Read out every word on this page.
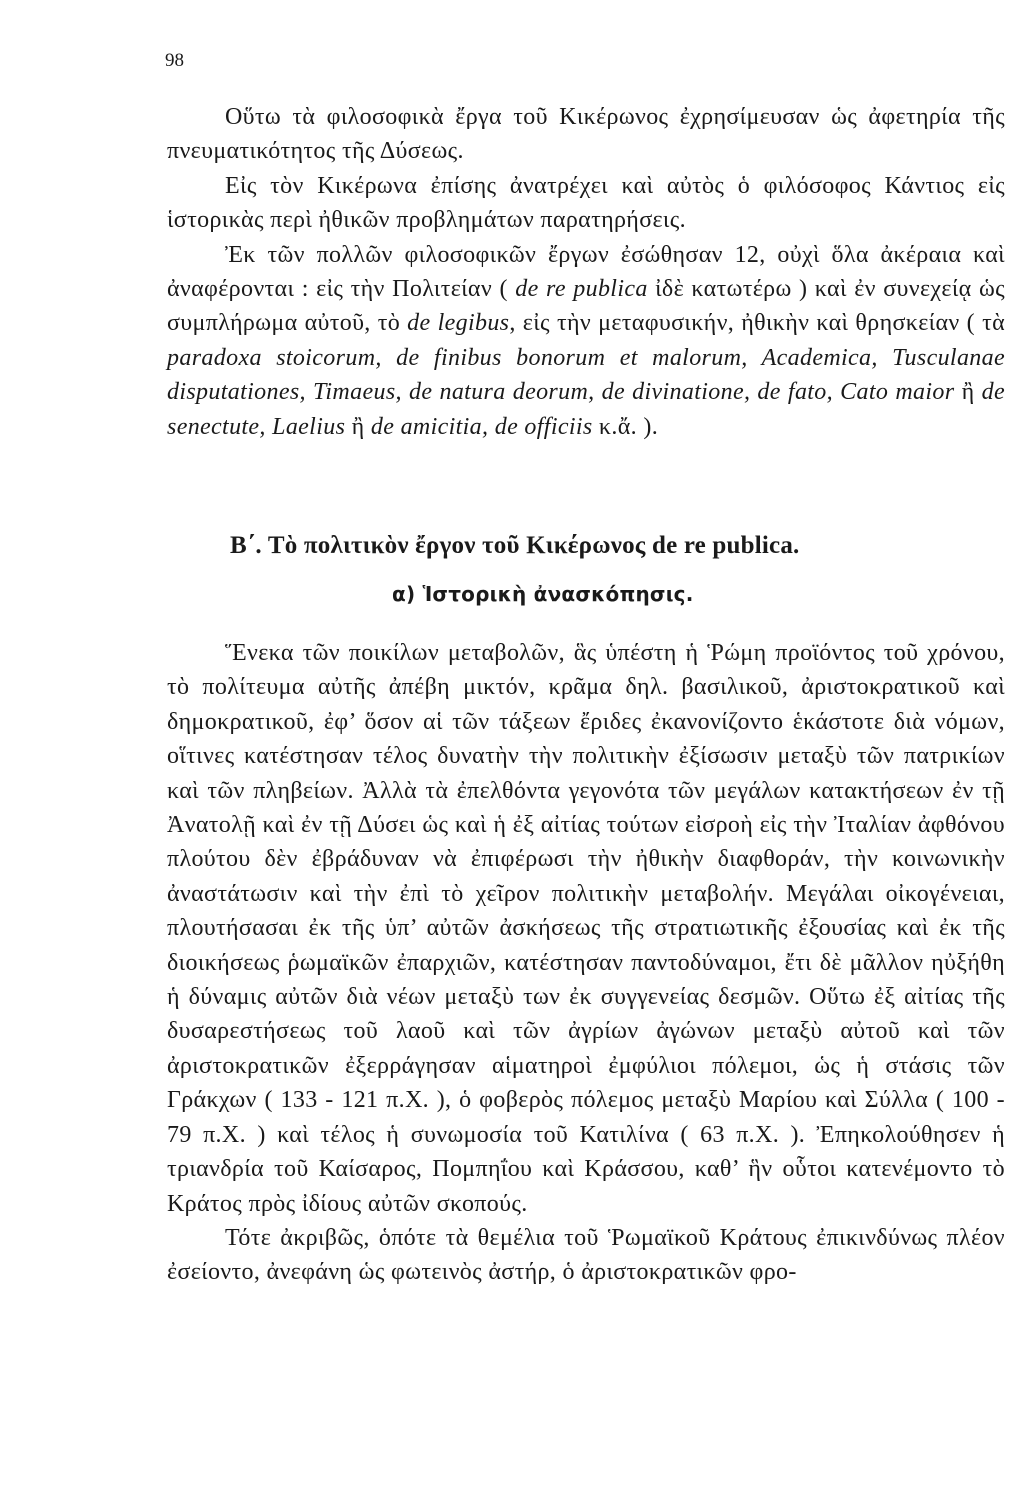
98

Οὕτω τὰ φιλοσοφικὰ ἔργα τοῦ Κικέρωνος ἐχρησίμευσαν ὡς ἀφετηρία τῆς πνευματικότητος τῆς Δύσεως.

Εἰς τὸν Κικέρωνα ἐπίσης ἀνατρέχει καὶ αὐτὸς ὁ φιλόσοφος Κάντιος εἰς ἱστορικὰς περὶ ἠθικῶν προβλημάτων παρατηρήσεις.

Ἐκ τῶν πολλῶν φιλοσοφικῶν ἔργων ἐσώθησαν 12, οὐχὶ ὅλα ἀκέραια καὶ ἀναφέρονται : εἰς τὴν Πολιτείαν ( de re publica ἰδὲ κατωτέρω ) καὶ ἐν συνεχείᾳ ὡς συμπλήρωμα αὐτοῦ, τὸ de legibus, εἰς τὴν μεταφυσικήν, ἠθικὴν καὶ θρησκείαν ( τὰ paradoxa stoicorum, de finibus bonorum et malorum, Academica, Tusculanae disputationes, Timaeus, de natura deorum, de divinatione, de fato, Cato maior ἢ de senectute, Laelius ἢ de amicitia, de officiis κ.ἄ. ).

Β΄. Τὸ πολιτικὸν ἔργον τοῦ Κικέρωνος de re publica.
α) Ἱστορικὴ ἀνασκόπησις.

Ἕνεκα τῶν ποικίλων μεταβολῶν, ἃς ὑπέστη ἡ Ῥώμη προϊόντος τοῦ χρόνου, τὸ πολίτευμα αὐτῆς ἀπέβη μικτόν, κρᾶμα δηλ. βασιλικοῦ, ἀριστοκρατικοῦ καὶ δημοκρατικοῦ, ἐφ’ ὅσον αἱ τῶν τάξεων ἔριδες ἐκανονίζοντο ἑκάστοτε διὰ νόμων, οἵτινες κατέστησαν τέλος δυνατὴν τὴν πολιτικὴν ἐξίσωσιν μεταξὺ τῶν πατρικίων καὶ τῶν πληβείων. Ἀλλὰ τὰ ἐπελθόντα γεγονότα τῶν μεγάλων κατακτήσεων ἐν τῇ Ἀνατολῇ καὶ ἐν τῇ Δύσει ὡς καὶ ἡ ἐξ αἰτίας τούτων εἰσροὴ εἰς τὴν Ἰταλίαν ἀφθόνου πλούτου δὲν ἐβράδυναν νὰ ἐπιφέρωσι τὴν ἠθικὴν διαφθοράν, τὴν κοινωνικὴν ἀναστάτωσιν καὶ τὴν ἐπὶ τὸ χεῖρον πολιτικὴν μεταβολήν. Μεγάλαι οἰκογένειαι, πλουτήσασαι ἐκ τῆς ὑπ’ αὐτῶν ἀσκήσεως τῆς στρατιωτικῆς ἐξουσίας καὶ ἐκ τῆς διοικήσεως ῥωμαϊκῶν ἐπαρχιῶν, κατέστησαν παντοδύναμοι, ἔτι δὲ μᾶλλον ηὐξήθη ἡ δύναμις αὐτῶν διὰ νέων μεταξὺ των ἐκ συγγενείας δεσμῶν. Οὕτω ἐξ αἰτίας τῆς δυσαρεστήσεως τοῦ λαοῦ καὶ τῶν ἀγρίων ἀγώνων μεταξὺ αὐτοῦ καὶ τῶν ἀριστοκρατικῶν ἐξερράγησαν αἱματηροὶ ἐμφύλιοι πόλεμοι, ὡς ἡ στάσις τῶν Γράκχων ( 133 - 121 π.Χ. ), ὁ φοβερὸς πόλεμος μεταξὺ Μαρίου καὶ Σύλλα ( 100 - 79 π.Χ. ) καὶ τέλος ἡ συνωμοσία τοῦ Κατιλίνα ( 63 π.Χ. ). Ἐπηκολούθησεν ἡ τριανδρία τοῦ Καίσαρος, Πομπηΐου καὶ Κράσσου, καθ’ ἣν οὗτοι κατενέμοντο τὸ Κράτος πρὸς ἰδίους αὐτῶν σκοπούς.

Τότε ἀκριβῶς, ὁπότε τὰ θεμέλια τοῦ Ῥωμαϊκοῦ Κράτους ἐπικινδύνως πλέον ἐσείοντο, ἀνεφάνη ὡς φωτεινὸς ἀστήρ, ὁ ἀριστοκρατικῶν φρο-
